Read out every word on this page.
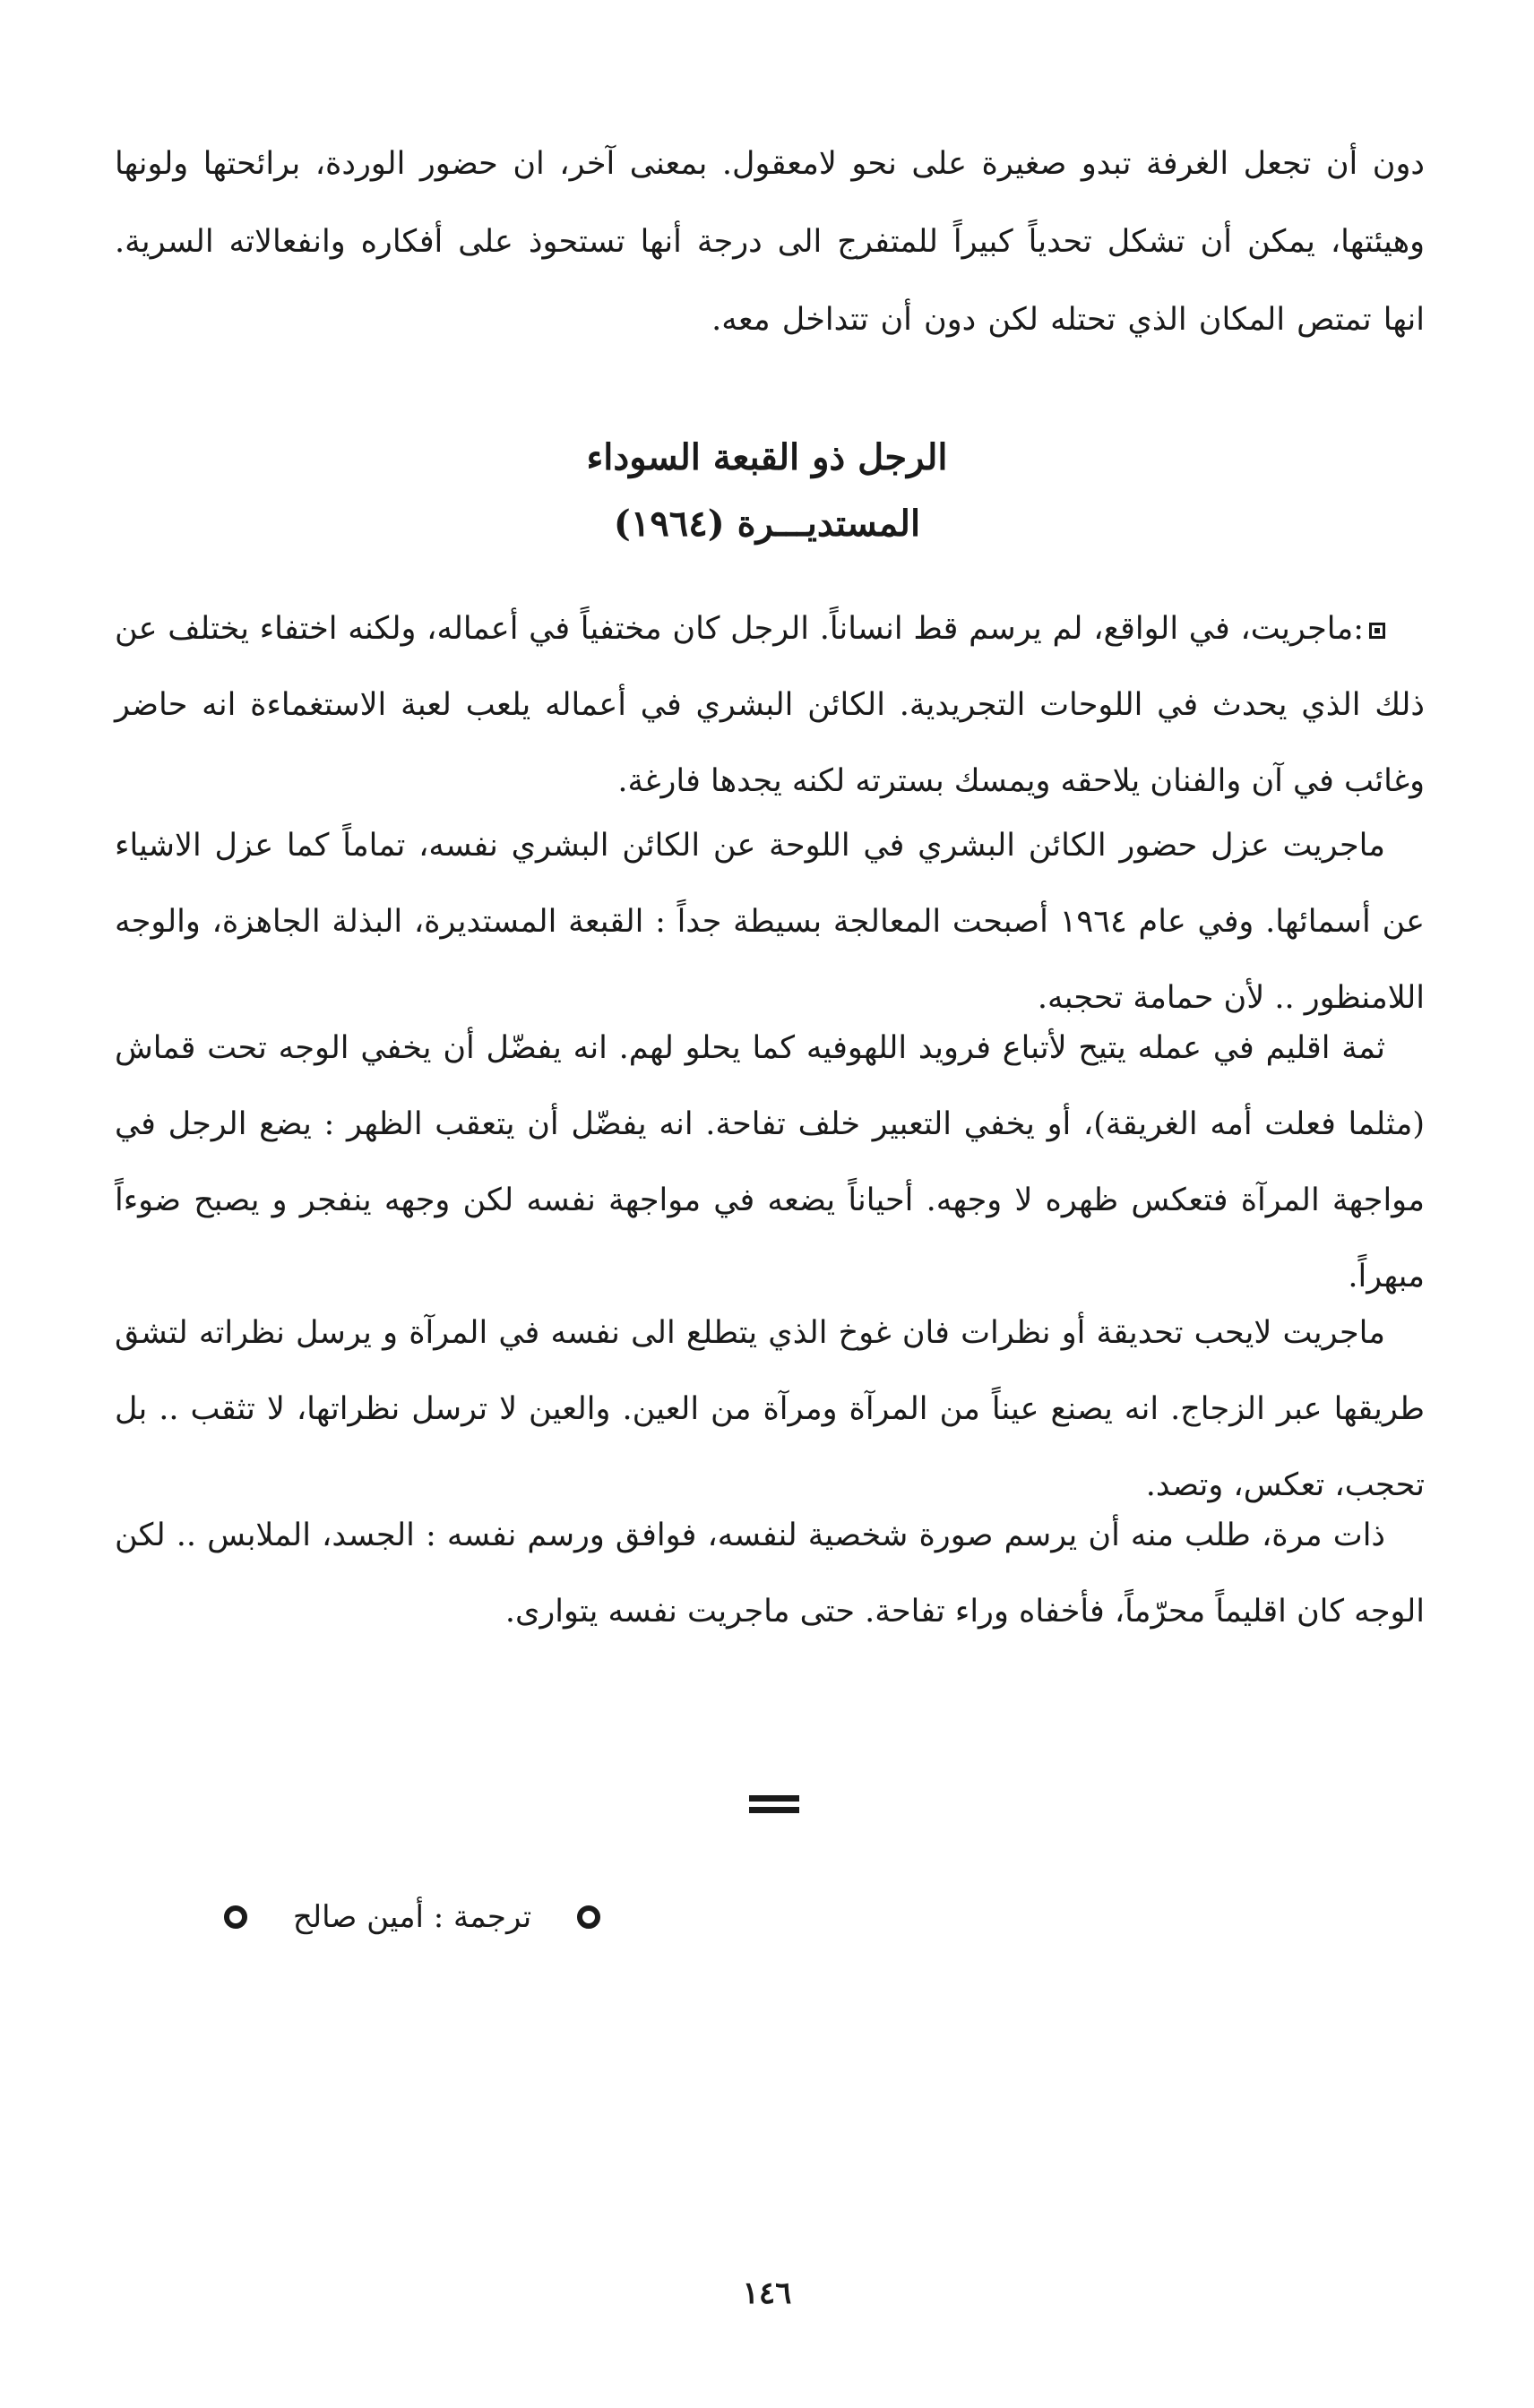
دون أن تجعل الغرفة تبدو صغيرة على نحو لامعقول. بمعنى آخر، ان حضور الوردة، برائحتها ولونها وهيئتها، يمكن أن تشكل تحدياً كبيراً للمتفرج الى درجة أنها تستحوذ على أفكاره وانفعالاته السرية. انها تمتص المكان الذي تحتله لكن دون أن تتداخل معه.
الرجل ذو القبعة السوداء
المستديـــرة (١٩٦٤)
:ماجريت، في الواقع، لم يرسم قط انساناً. الرجل كان مختفياً في أعماله، ولكنه اختفاء يختلف عن ذلك الذي يحدث في اللوحات التجريدية. الكائن البشري في أعماله يلعب لعبة الاستغماءة انه حاضر وغائب في آن والفنان يلاحقه ويمسك بسترته لكنه يجدها فارغة.
ماجريت عزل حضور الكائن البشري في اللوحة عن الكائن البشري نفسه، تماماً كما عزل الاشياء عن أسمائها. وفي عام ١٩٦٤ أصبحت المعالجة بسيطة جداً : القبعة المستديرة، البذلة الجاهزة، والوجه اللامنظور .. لأن حمامة تحجبه.
ثمة اقليم في عمله يتيح لأتباع فرويد اللهوفيه كما يحلو لهم. انه يفضّل أن يخفي الوجه تحت قماش (مثلما فعلت أمه الغريقة)، أو يخفي التعبير خلف تفاحة. انه يفضّل أن يتعقب الظهر : يضع الرجل في مواجهة المرآة فتعكس ظهره لا وجهه. أحياناً يضعه في مواجهة نفسه لكن وجهه ينفجر و يصبح ضوءاً مبهراً.
ماجريت لايحب تحديقة أو نظرات فان غوخ الذي يتطلع الى نفسه في المرآة و يرسل نظراته لتشق طريقها عبر الزجاج. انه يصنع عيناً من المرآة ومرآة من العين. والعين لا ترسل نظراتها، لا تثقب .. بل تحجب، تعكس، وتصد.
ذات مرة، طلب منه أن يرسم صورة شخصية لنفسه، فوافق ورسم نفسه : الجسد، الملابس .. لكن الوجه كان اقليماً محرّماً، فأخفاه وراء تفاحة. حتى ماجريت نفسه يتوارى.
ترجمة : أمين صالح
١٤٦
